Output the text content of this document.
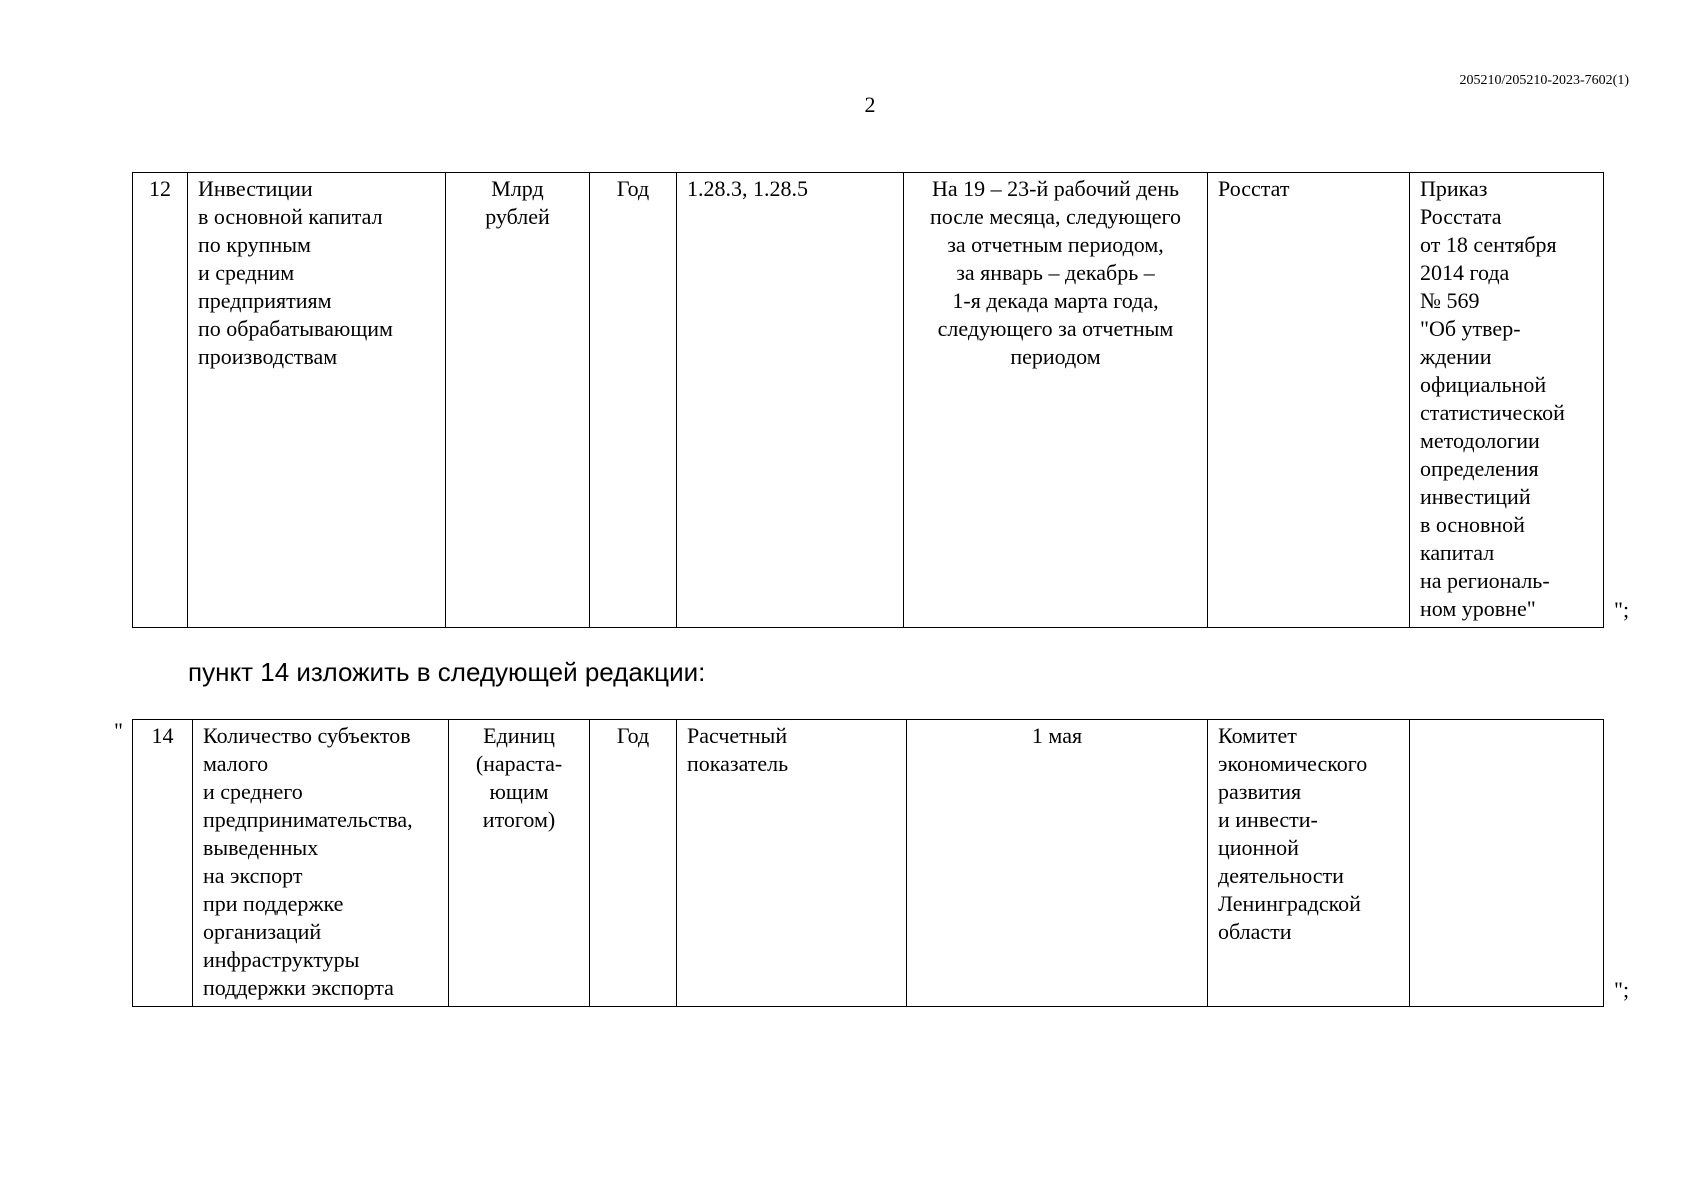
205210/205210-2023-7602(1)
2
12	Инвестиции
в основной капитал
по крупным
и средним
предприятиям
по обрабатывающим
производствам	Млрд
рублей	Год	1.28.3, 1.28.5	На 19 – 23-й рабочий день
после месяца, следующего
за отчетным периодом,
за январь – декабрь –
1-я декада марта года,
следующего за отчетным
периодом	Росстат	Приказ
Росстата
от 18 сентября
2014 года
№ 569
"Об утвер-
ждении
официальной
статистической
методологии
определения
инвестиций
в основной
капитал
на региональ-
ном уровне"	";
пункт 14 изложить в следующей редакции:
" 14	Количество субъектов
малого
и среднего
предпринимательства,
выведенных
на экспорт
при поддержке
организаций
инфраструктуры
поддержки экспорта	Единиц
(нараста-
ющим
итогом)	Год	Расчетный
показатель	1 мая	Комитет
экономического
развития
и инвести-
ционной
деятельности
Ленинградской
области	
";
